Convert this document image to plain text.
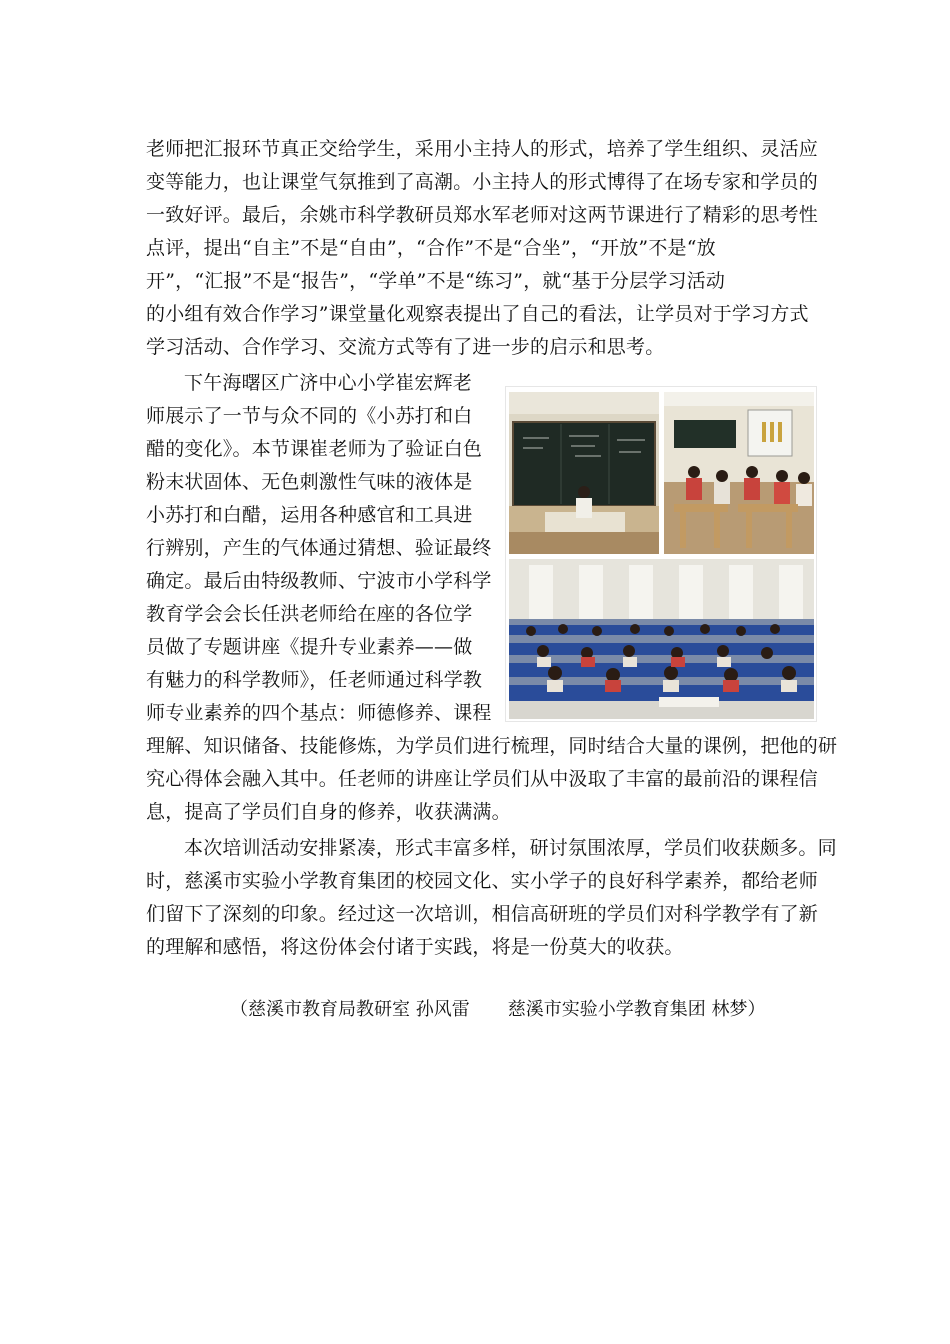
老师把汇报环节真正交给学生，采用小主持人的形式，培养了学生组织、灵活应
变等能力，也让课堂气氛推到了高潮。小主持人的形式博得了在场专家和学员的
一致好评。最后，余姚市科学教研员郑水军老师对这两节课进行了精彩的思考性
点评，提出“自主”不是“自由”，“合作”不是“合坐”，“开放”不是“放
开”，“汇报”不是“报告”，“学单”不是“练习”，就“基于分层学习活动
的小组有效合作学习”课堂量化观察表提出了自己的看法，让学员对于学习方式
学习活动、合作学习、交流方式等有了进一步的启示和思考。
下午海曙区广济中心小学崔宏辉老
师展示了一节与众不同的《小苏打和白
醋的变化》。本节课崔老师为了验证白色
粉末状固体、无色刺激性气味的液体是
小苏打和白醋，运用各种感官和工具进
行辨别，产生的气体通过猜想、验证最终
确定。最后由特级教师、宁波市小学科学
教育学会会长任洪老师给在座的各位学
员做了专题讲座《提升专业素养——做
有魅力的科学教师》，任老师通过科学教
师专业素养的四个基点：师德修养、课程
理解、知识储备、技能修炼，为学员们进行梳理，同时结合大量的课例，把他的研
究心得体会融入其中。任老师的讲座让学员们从中汲取了丰富的最前沿的课程信
息，提高了学员们自身的修养，收获满满。
本次培训活动安排紧凑，形式丰富多样，研讨氛围浓厚，学员们收获颇多。同
时，慈溪市实验小学教育集团的校园文化、实小学子的良好科学素养，都给老师
们留下了深刻的印象。经过这一次培训，相信高研班的学员们对科学教学有了新
的理解和感悟，将这份体会付诸于实践，将是一份莫大的收获。
（慈溪市教育局教研室 孙风雷 慈溪市实验小学教育集团 林梦）
